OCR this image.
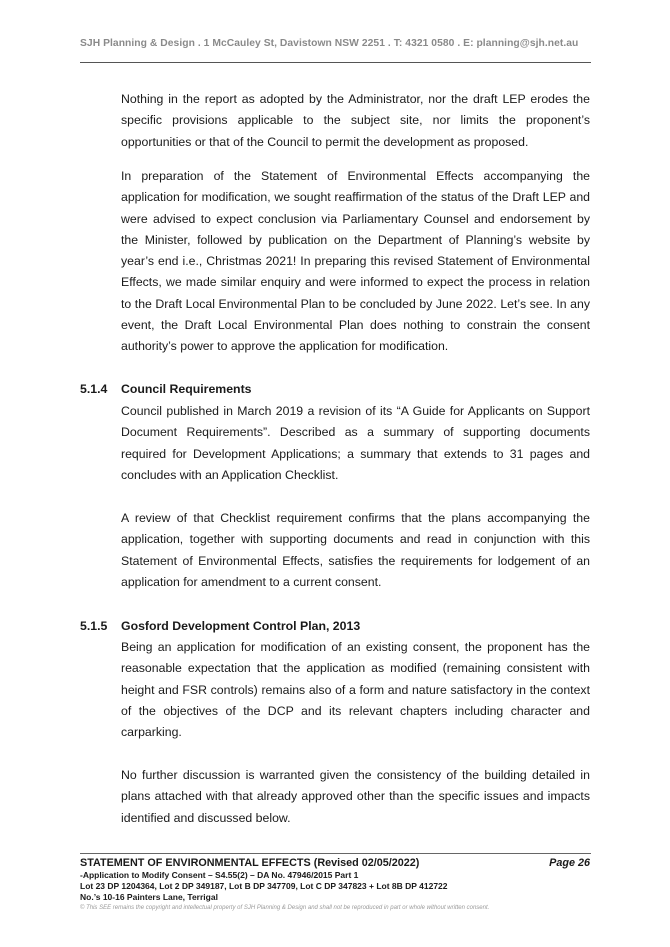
SJH Planning & Design . 1 McCauley St, Davistown NSW 2251 . T: 4321 0580 . E: planning@sjh.net.au

Nothing in the report as adopted by the Administrator, nor the draft LEP erodes the specific provisions applicable to the subject site, nor limits the proponent’s opportunities or that of the Council to permit the development as proposed.

In preparation of the Statement of Environmental Effects accompanying the application for modification, we sought reaffirmation of the status of the Draft LEP and were advised to expect conclusion via Parliamentary Counsel and endorsement by the Minister, followed by publication on the Department of Planning’s website by year’s end i.e., Christmas 2021! In preparing this revised Statement of Environmental Effects, we made similar enquiry and were informed to expect the process in relation to the Draft Local Environmental Plan to be concluded by June 2022. Let’s see. In any event, the Draft Local Environmental Plan does nothing to constrain the consent authority’s power to approve the application for modification.

5.1.4 Council Requirements

Council published in March 2019 a revision of its “A Guide for Applicants on Support Document Requirements”. Described as a summary of supporting documents required for Development Applications; a summary that extends to 31 pages and concludes with an Application Checklist.

A review of that Checklist requirement confirms that the plans accompanying the application, together with supporting documents and read in conjunction with this Statement of Environmental Effects, satisfies the requirements for lodgement of an application for amendment to a current consent.

5.1.5 Gosford Development Control Plan, 2013

Being an application for modification of an existing consent, the proponent has the reasonable expectation that the application as modified (remaining consistent with height and FSR controls) remains also of a form and nature satisfactory in the context of the objectives of the DCP and its relevant chapters including character and carparking.

No further discussion is warranted given the consistency of the building detailed in plans attached with that already approved other than the specific issues and impacts identified and discussed below.

STATEMENT OF ENVIRONMENTAL EFFECTS (Revised 02/05/2022)	Page 26
-Application to Modify Consent – S4.55(2) – DA No. 47946/2015 Part 1
Lot 23 DP 1204364, Lot 2 DP 349187, Lot B DP 347709, Lot C DP 347823 + Lot 8B DP 412722
No.’s 10-16 Painters Lane, Terrigal
© This SEE remains the copyright and intellectual property of SJH Planning & Design and shall not be reproduced in part or whole without written consent.
